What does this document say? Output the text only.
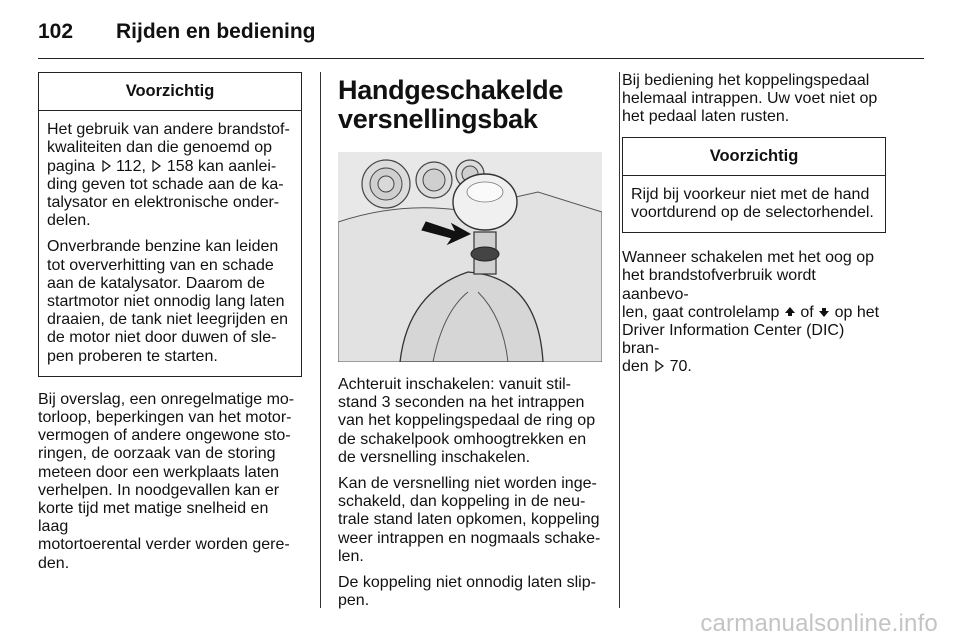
102 Rijden en bediening
Voorzichtig

Het gebruik van andere brandstof-
kwaliteiten dan die genoemd op
pagina 112, 158 kan aanlei-
ding geven tot schade aan de ka-
talysator en elektronische onder-
delen.

Onverbrande benzine kan leiden
tot oververhitting van en schade
aan de katalysator. Daarom de
startmotor niet onnodig lang laten
draaien, de tank niet leegrijden en
de motor niet door duwen of sle-
pen proberen te starten.

Bij overslag, een onregelmatige mo-
torloop, beperkingen van het motor-
vermogen of andere ongewone sto-
ringen, de oorzaak van de storing
meteen door een werkplaats laten
verhelpen. In noodgevallen kan er
korte tijd met matige snelheid en laag
motortoerental verder worden gere-
den.

Handgeschakelde
versnellingsbak

Achteruit inschakelen: vanuit stil-
stand 3 seconden na het intrappen
van het koppelingspedaal de ring op
de schakelpook omhoogtrekken en
de versnelling inschakelen.

Kan de versnelling niet worden inge-
schakeld, dan koppeling in de neu-
trale stand laten opkomen, koppeling
weer intrappen en nogmaals schake-
len.

De koppeling niet onnodig laten slip-
pen.

Bij bediening het koppelingspedaal
helemaal intrappen. Uw voet niet op
het pedaal laten rusten.

Voorzichtig

Rijd bij voorkeur niet met de hand
voortdurend op de selectorhendel.

Wanneer schakelen met het oog op
het brandstofverbruik wordt aanbevo-
len, gaat controlelamp of op het
Driver Information Center (DIC) bran-
den 70.

carmanualsonline.info
